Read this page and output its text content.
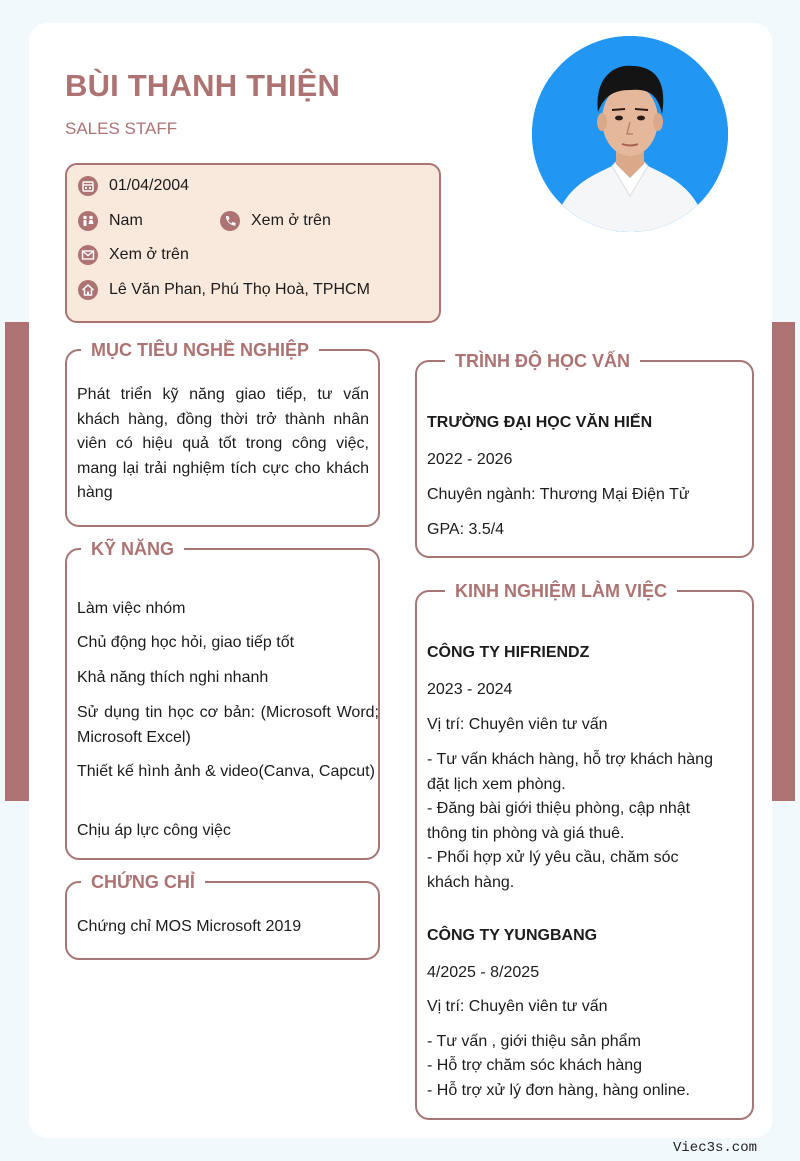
BÙI THANH THIỆN
SALES STAFF
01/04/2004
Nam	Xem ở trên
Xem ở trên
Lê Văn Phan, Phú Thọ Hoà, TPHCM
MỤC TIÊU NGHỀ NGHIỆP
Phát triển kỹ năng giao tiếp, tư vấn khách hàng, đồng thời trở thành nhân viên có hiệu quả tốt trong công việc, mang lại trải nghiệm tích cực cho khách hàng
KỸ NĂNG
Làm việc nhóm
Chủ động học hỏi, giao tiếp tốt
Khả năng thích nghi nhanh
Sử dụng tin học cơ bản: (Microsoft Word; Microsoft Excel)
Thiết kế hình ảnh & video(Canva, Capcut)
Chịu áp lực công việc
CHỨNG CHỈ
Chứng chỉ MOS Microsoft 2019
TRÌNH ĐỘ HỌC VẤN
TRƯỜNG ĐẠI HỌC VĂN HIẾN
2022 - 2026
Chuyên ngành: Thương Mại Điện Tử
GPA: 3.5/4
KINH NGHIỆM LÀM VIỆC
CÔNG TY HIFRIENDZ
2023 - 2024
Vị trí: Chuyên viên tư vấn
- Tư vấn khách hàng, hỗ trợ khách hàng đặt lịch xem phòng.
- Đăng bài giới thiệu phòng, cập nhật thông tin phòng và giá thuê.
- Phối hợp xử lý yêu cầu, chăm sóc khách hàng.
CÔNG TY YUNGBANG
4/2025 - 8/2025
Vị trí: Chuyên viên tư vấn
- Tư vấn , giới thiệu sản phẩm
- Hỗ trợ chăm sóc khách hàng
- Hỗ trợ xử lý đơn hàng, hàng online.
Viec3s.com
